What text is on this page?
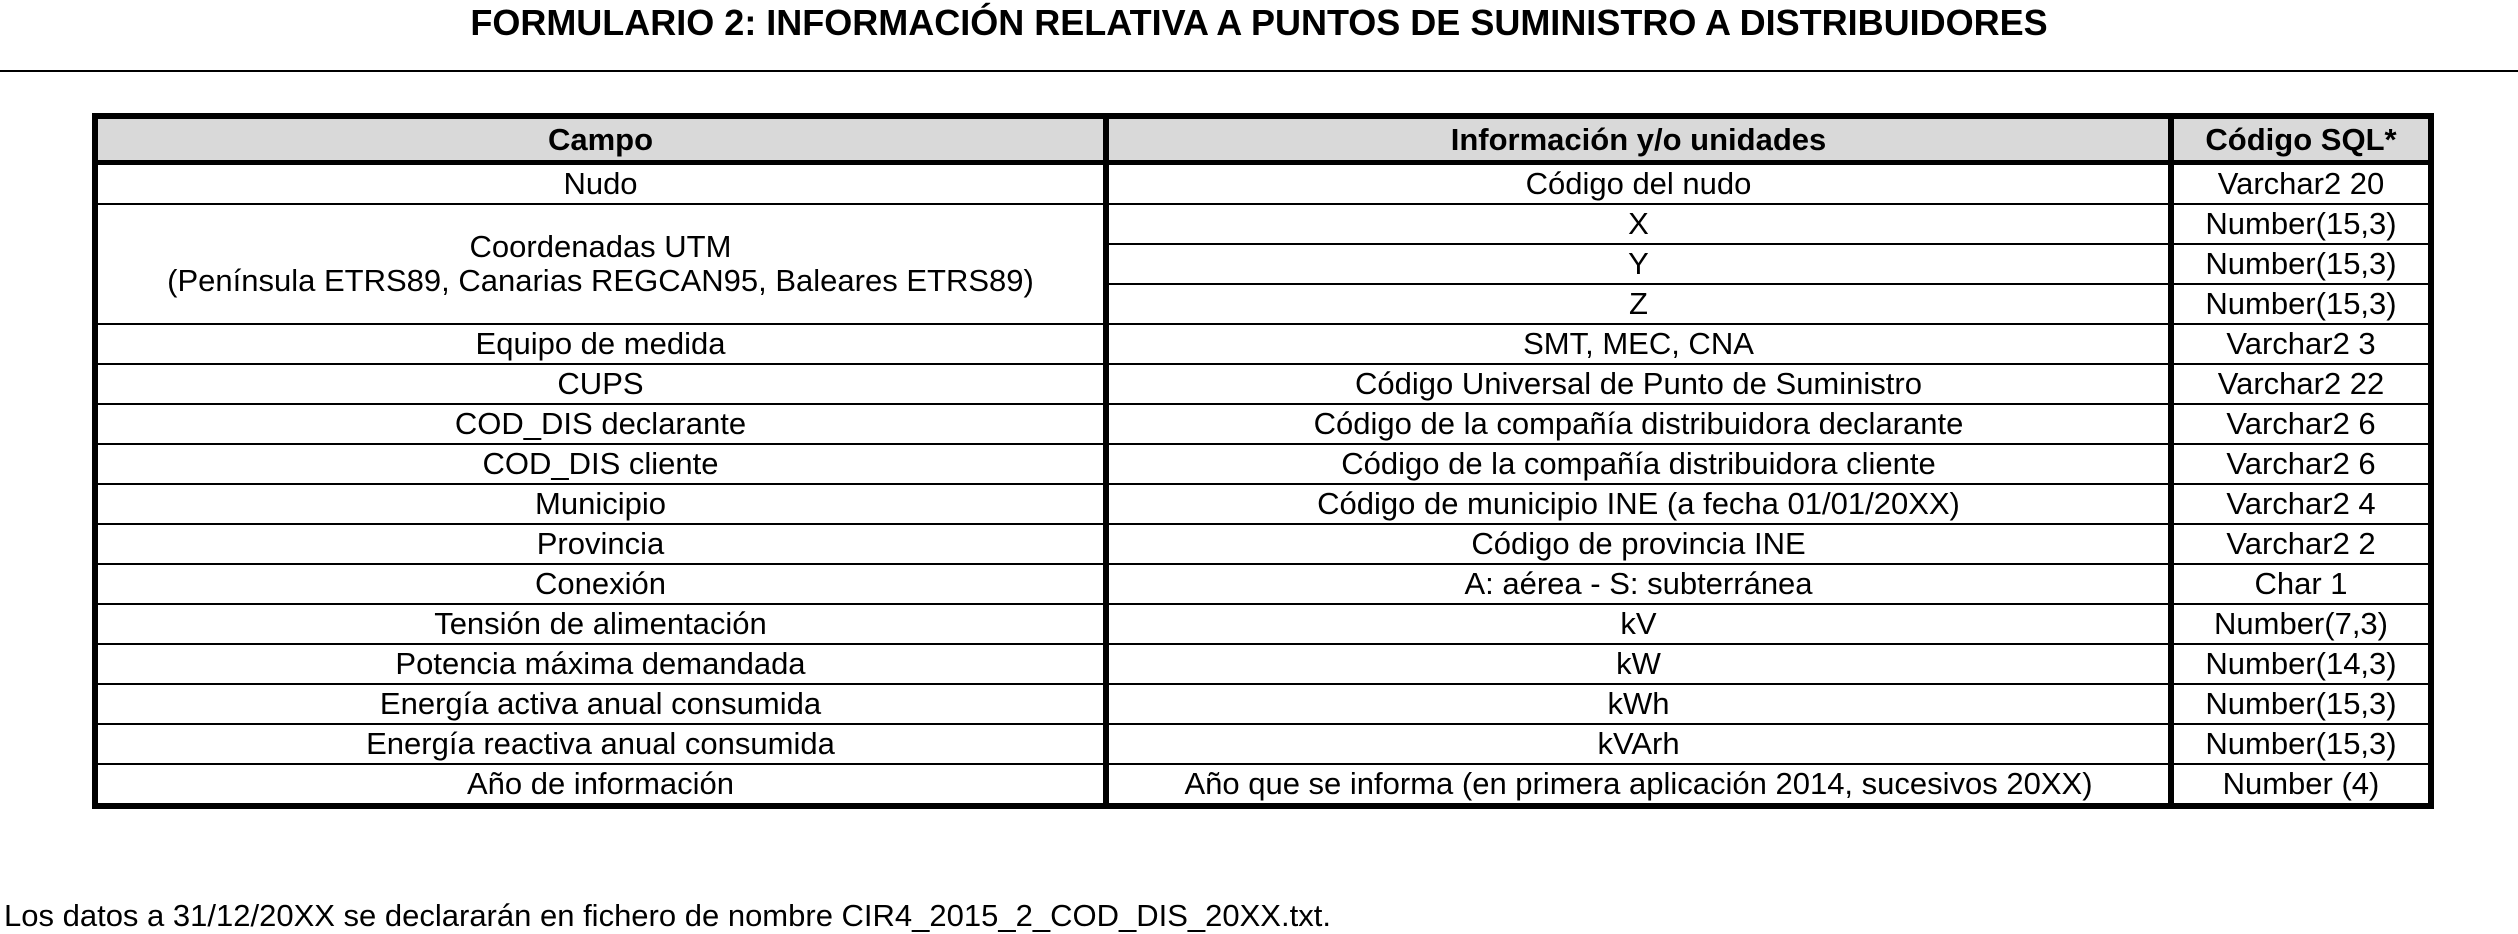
FORMULARIO 2: INFORMACIÓN RELATIVA A PUNTOS DE SUMINISTRO A DISTRIBUIDORES
Campo	Información y/o unidades	Código SQL*
Nudo	Código del nudo	Varchar2 20

Coordenadas UTM
(Península ETRS89, Canarias REGCAN95, Baleares ETRS89)	X	Number(15,3)
	Y	Number(15,3)
	Z	Number(15,3)
Equipo de medida	SMT, MEC, CNA	Varchar2 3
CUPS	Código Universal de Punto de Suministro	Varchar2 22
COD_DIS declarante	Código de la compañía distribuidora declarante	Varchar2 6
COD_DIS cliente	Código de la compañía distribuidora cliente	Varchar2 6
Municipio	Código de municipio INE (a fecha 01/01/20XX)	Varchar2 4
Provincia	Código de provincia INE	Varchar2 2
Conexión	A: aérea - S: subterránea	Char 1
Tensión de alimentación	kV	Number(7,3)
Potencia máxima demandada	kW	Number(14,3)
Energía activa anual consumida	kWh	Number(15,3)
Energía reactiva anual consumida	kVArh	Number(15,3)
Año de información	Año que se informa (en primera aplicación 2014, sucesivos 20XX)	Number (4)
Los datos a 31/12/20XX se declararán en fichero de nombre CIR4_2015_2_COD_DIS_20XX.txt.
